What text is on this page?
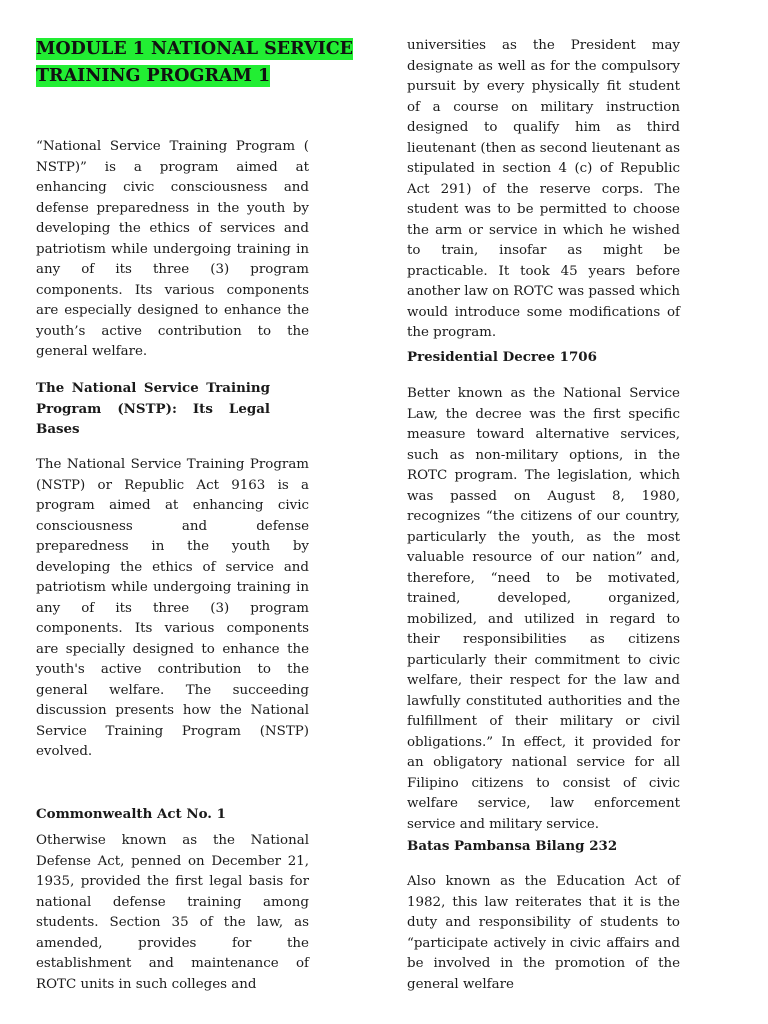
MODULE 1 NATIONAL SERVICE TRAINING PROGRAM 1

“National Service Training Program ( NSTP)” is a program aimed at enhancing civic consciousness and defense preparedness in the youth by developing the ethics of services and patriotism while undergoing training in any of its three (3) program components. Its various components are especially designed to enhance the youth’s active contribution to the general welfare.

The National Service Training Program (NSTP): Its Legal Bases

The National Service Training Program (NSTP) or Republic Act 9163 is a program aimed at enhancing civic consciousness and defense preparedness in the youth by developing the ethics of service and patriotism while undergoing training in any of its three (3) program components. Its various components are specially designed to enhance the youth's active contribution to the general welfare. The succeeding discussion presents how the National Service Training Program (NSTP) evolved.

Commonwealth Act No. 1

Otherwise known as the National Defense Act, penned on December 21, 1935, provided the first legal basis for national defense training among students. Section 35 of the law, as amended, provides for the establishment and maintenance of ROTC units in such colleges and

universities as the President may designate as well as for the compulsory pursuit by every physically fit student of a course on military instruction designed to qualify him as third lieutenant (then as second lieutenant as stipulated in section 4 (c) of Republic Act 291) of the reserve corps. The student was to be permitted to choose the arm or service in which he wished to train, insofar as might be practicable. It took 45 years before another law on ROTC was passed which would introduce some modifications of the program.

Presidential Decree 1706

Better known as the National Service Law, the decree was the first specific measure toward alternative services, such as non-military options, in the ROTC program. The legislation, which was passed on August 8, 1980, recognizes “the citizens of our country, particularly the youth, as the most valuable resource of our nation” and, therefore, “need to be motivated, trained, developed, organized, mobilized, and utilized in regard to their responsibilities as citizens particularly their commitment to civic welfare, their respect for the law and lawfully constituted authorities and the fulfillment of their military or civil obligations.” In effect, it provided for an obligatory national service for all Filipino citizens to consist of civic welfare service, law enforcement service and military service.

Batas Pambansa Bilang 232

Also known as the Education Act of 1982, this law reiterates that it is the duty and responsibility of students to “participate actively in civic affairs and be involved in the promotion of the general welfare
